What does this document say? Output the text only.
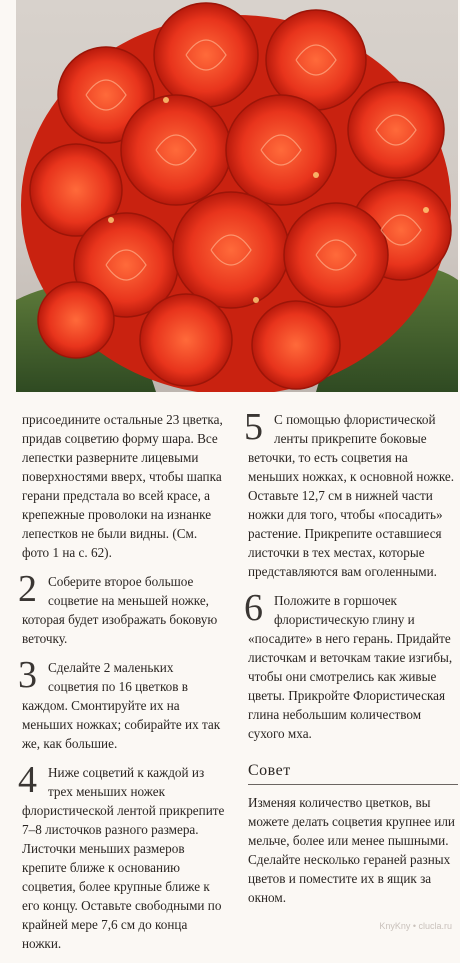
присоедините остальные 23 цветка, придав соцветию форму шара. Все лепестки разверните лицевыми поверхностями вверх, чтобы шапка герани предстала во всей красе, а крепежные проволоки на изнанке лепестков не были видны. (См. фото 1 на с. 62).

2 Соберите второе большое соцветие на меньшей ножке, которая будет изображать боковую веточку.
3 Сделайте 2 маленьких соцветия по 16 цветков в каждом. Смонтируйте их на меньших ножках; собирайте их так же, как большие.
4 Ниже соцветий к каждой из трех меньших ножек флористической лентой прикрепите 7–8 листочков разного размера. Листочки меньших размеров крепите ближе к основанию соцветия, более крупные ближе к его концу. Оставьте свободными по крайней мере 7,6 см до конца ножки.
5 С помощью флористической ленты прикрепите боковые веточки, то есть соцветия на меньших ножках, к основной ножке. Оставьте 12,7 см в нижней части ножки для того, чтобы «посадить» растение. Прикрепите оставшиеся листочки в тех местах, которые представляются вам оголенными.
6 Положите в горшочек флористическую глину и «посадите» в него герань. Придайте листочкам и веточкам такие изгибы, чтобы они смотрелись как живые цветы. Прикройте Флористическая глина небольшим количеством сухого мха.
Совет

Изменяя количество цветков, вы можете делать соцветия крупнее или мельче, более или менее пышными. Сделайте несколько гераней разных цветов и поместите их в ящик за окном.

KnyKny • clucla.ru
